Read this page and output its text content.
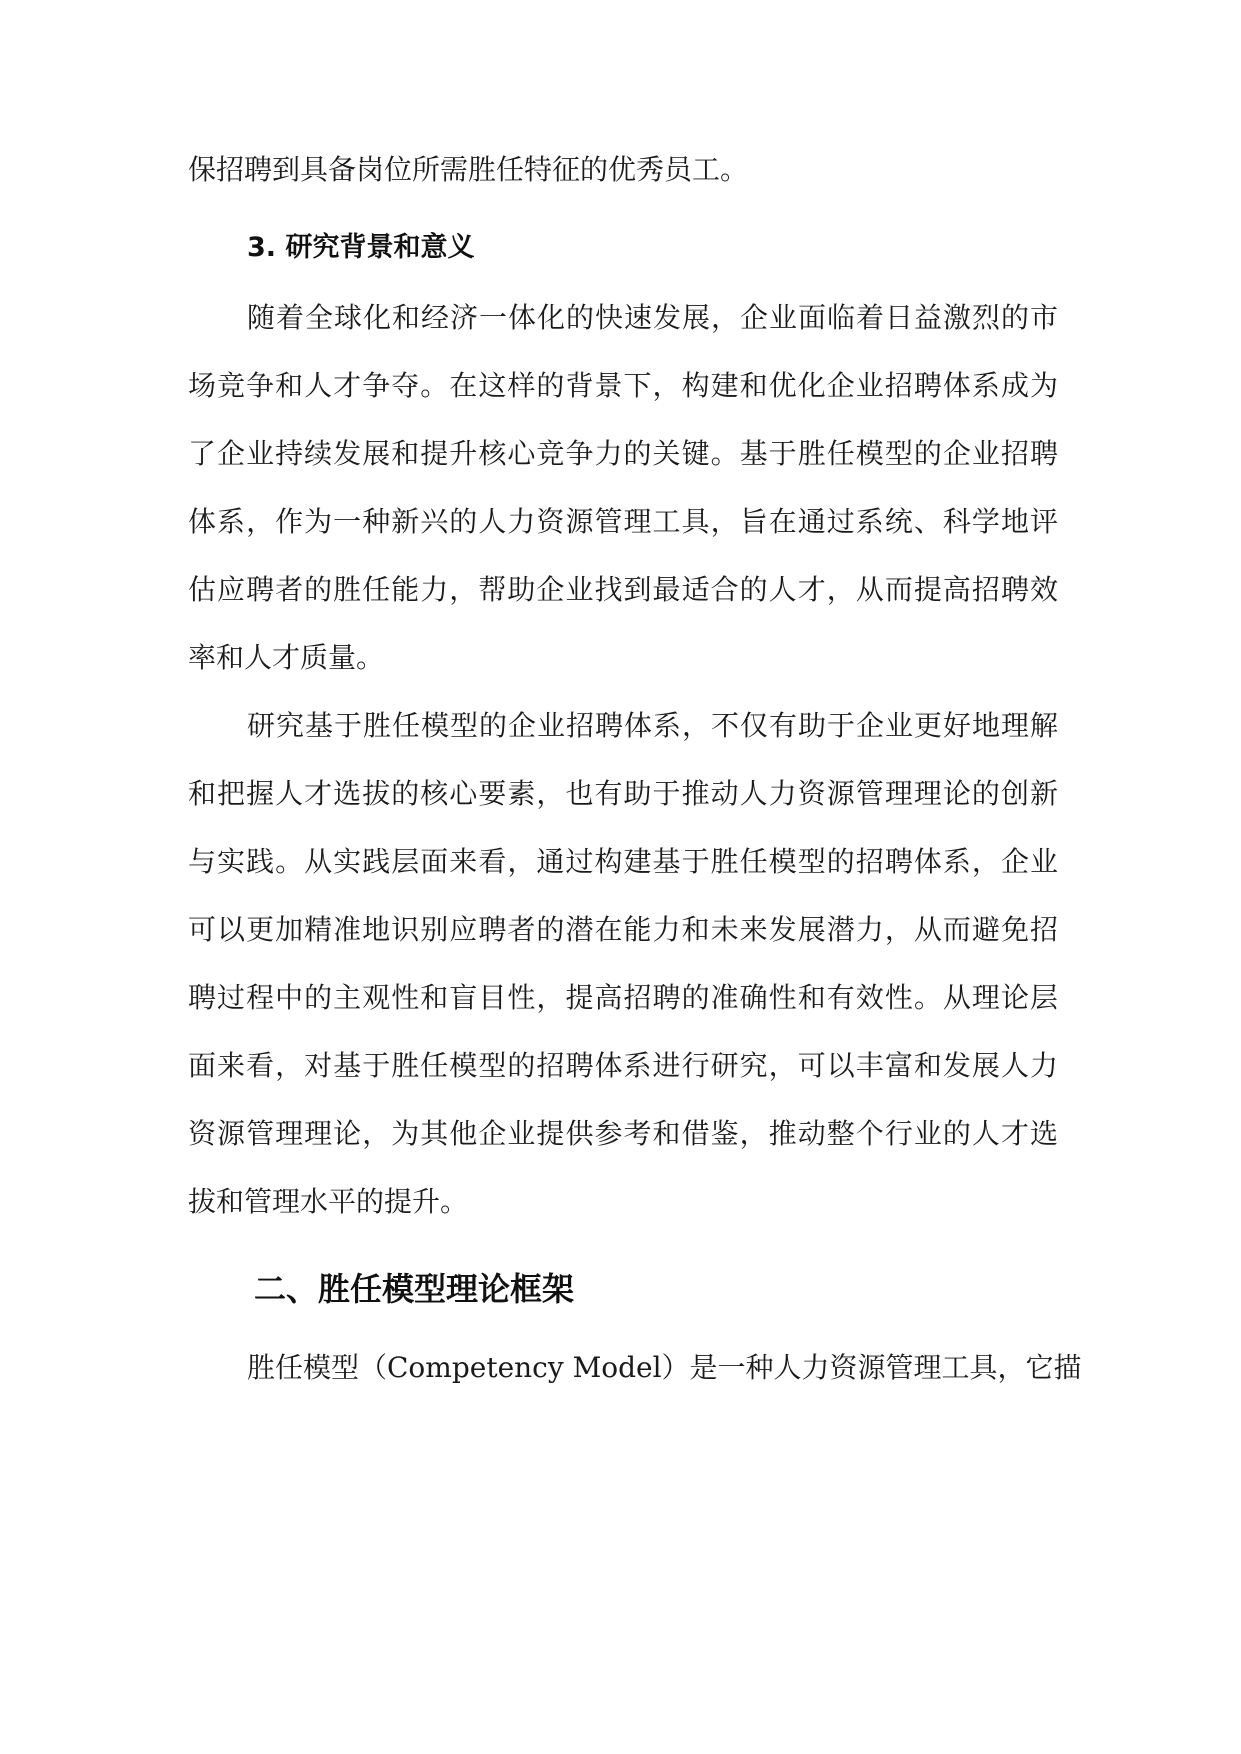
保招聘到具备岗位所需胜任特征的优秀员工。
3. 研究背景和意义
随着全球化和经济一体化的快速发展，企业面临着日益激烈的市
场竞争和人才争夺。在这样的背景下，构建和优化企业招聘体系成为
了企业持续发展和提升核心竞争力的关键。基于胜任模型的企业招聘
体系，作为一种新兴的人力资源管理工具，旨在通过系统、科学地评
估应聘者的胜任能力，帮助企业找到最适合的人才，从而提高招聘效
率和人才质量。
研究基于胜任模型的企业招聘体系，不仅有助于企业更好地理解
和把握人才选拔的核心要素，也有助于推动人力资源管理理论的创新
与实践。从实践层面来看，通过构建基于胜任模型的招聘体系，企业
可以更加精准地识别应聘者的潜在能力和未来发展潜力，从而避免招
聘过程中的主观性和盲目性，提高招聘的准确性和有效性。从理论层
面来看，对基于胜任模型的招聘体系进行研究，可以丰富和发展人力
资源管理理论，为其他企业提供参考和借鉴，推动整个行业的人才选
拔和管理水平的提升。
二、胜任模型理论框架
胜任模型（Competency Model）是一种人力资源管理工具，它描
